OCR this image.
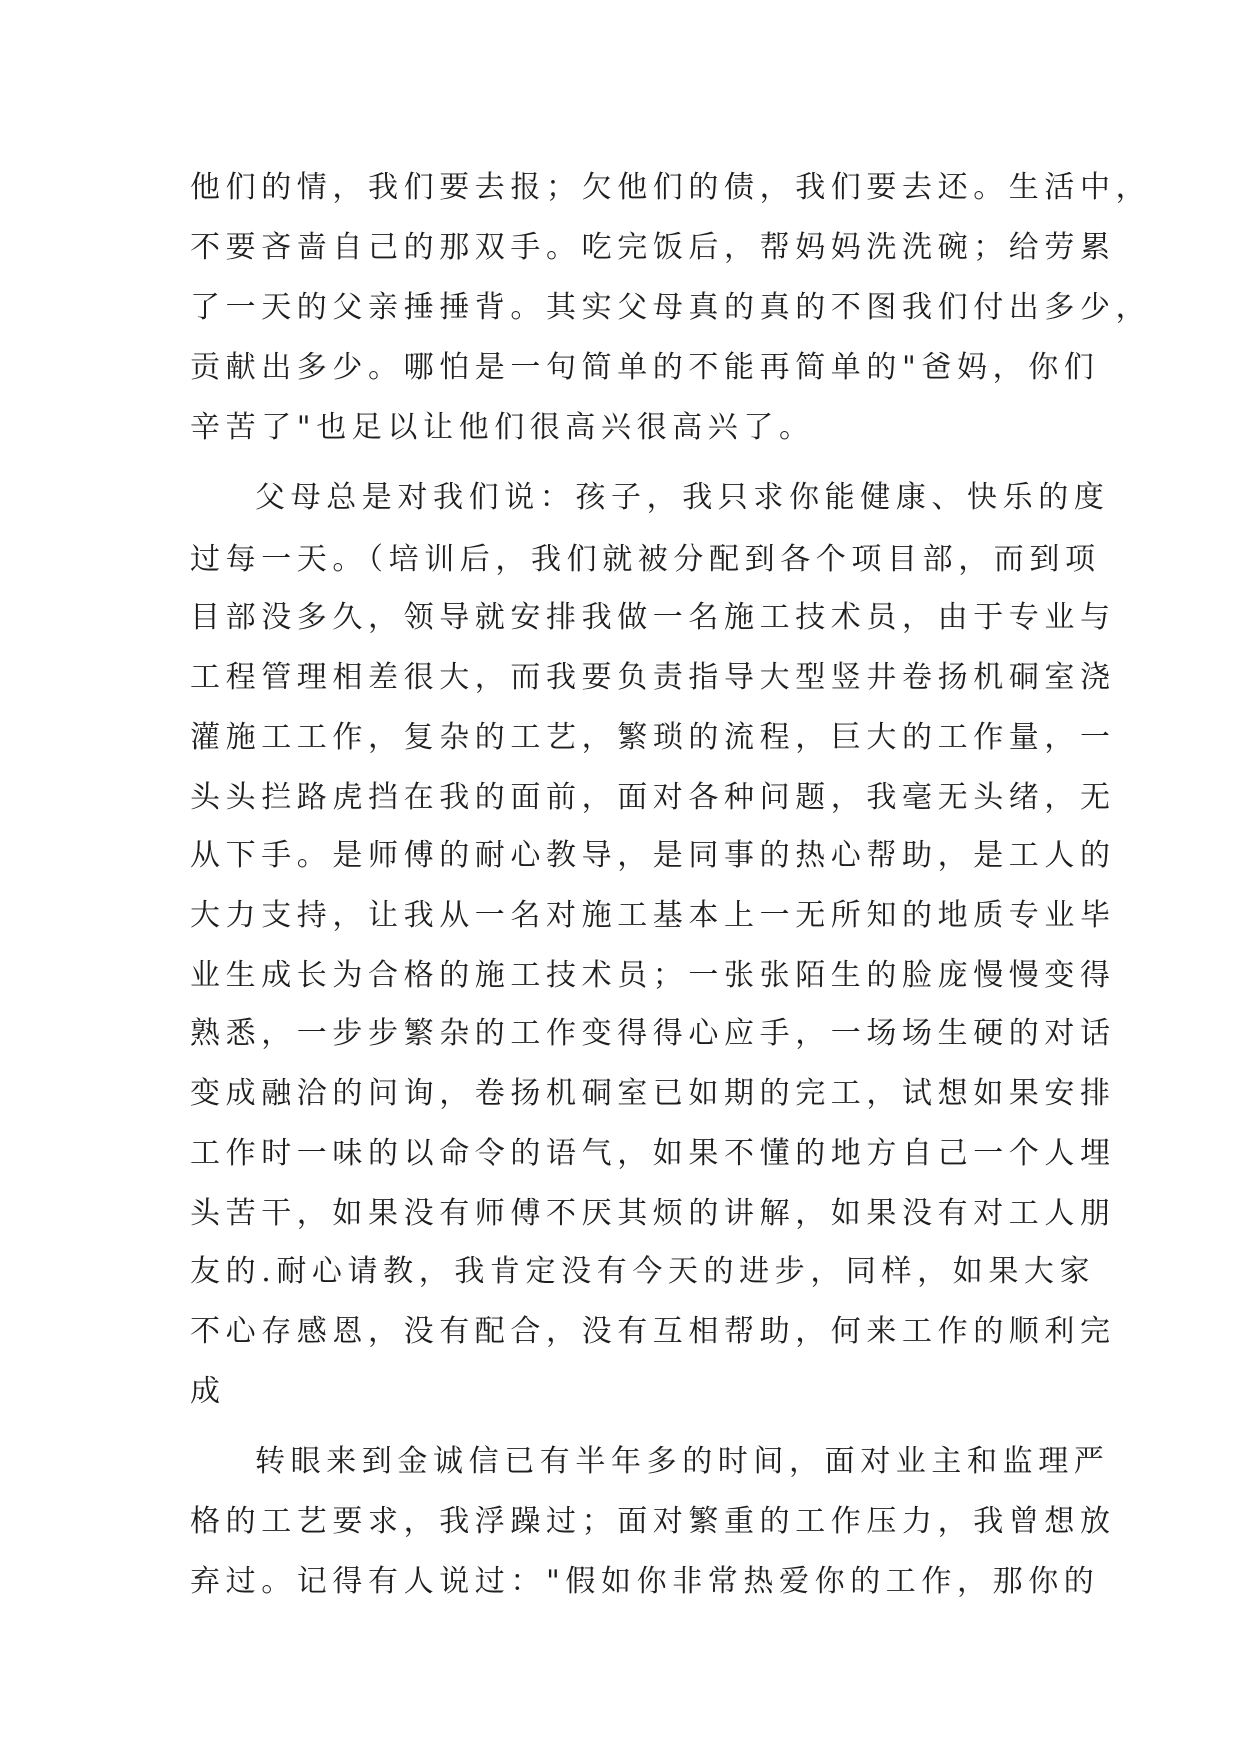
他们的情，我们要去报；欠他们的债，我们要去还。生活中，
不要吝啬自己的那双手。吃完饭后，帮妈妈洗洗碗；给劳累
了一天的父亲捶捶背。其实父母真的真的不图我们付出多少，
贡献出多少。哪怕是一句简单的不能再简单的"爸妈，你们
辛苦了"也足以让他们很高兴很高兴了。
父母总是对我们说：孩子，我只求你能健康、快乐的度
过每一天。（培训后，我们就被分配到各个项目部，而到项
目部没多久，领导就安排我做一名施工技术员，由于专业与
工程管理相差很大，而我要负责指导大型竖井卷扬机硐室浇
灌施工工作，复杂的工艺，繁琐的流程，巨大的工作量，一
头头拦路虎挡在我的面前，面对各种问题，我毫无头绪，无
从下手。是师傅的耐心教导，是同事的热心帮助，是工人的
大力支持，让我从一名对施工基本上一无所知的地质专业毕
业生成长为合格的施工技术员；一张张陌生的脸庞慢慢变得
熟悉，一步步繁杂的工作变得得心应手，一场场生硬的对话
变成融洽的问询，卷扬机硐室已如期的完工，试想如果安排
工作时一味的以命令的语气，如果不懂的地方自己一个人埋
头苦干，如果没有师傅不厌其烦的讲解，如果没有对工人朋
友的.耐心请教，我肯定没有今天的进步，同样，如果大家
不心存感恩，没有配合，没有互相帮助，何来工作的顺利完
成
转眼来到金诚信已有半年多的时间，面对业主和监理严
格的工艺要求，我浮躁过；面对繁重的工作压力，我曾想放
弃过。记得有人说过："假如你非常热爱你的工作，那你的
